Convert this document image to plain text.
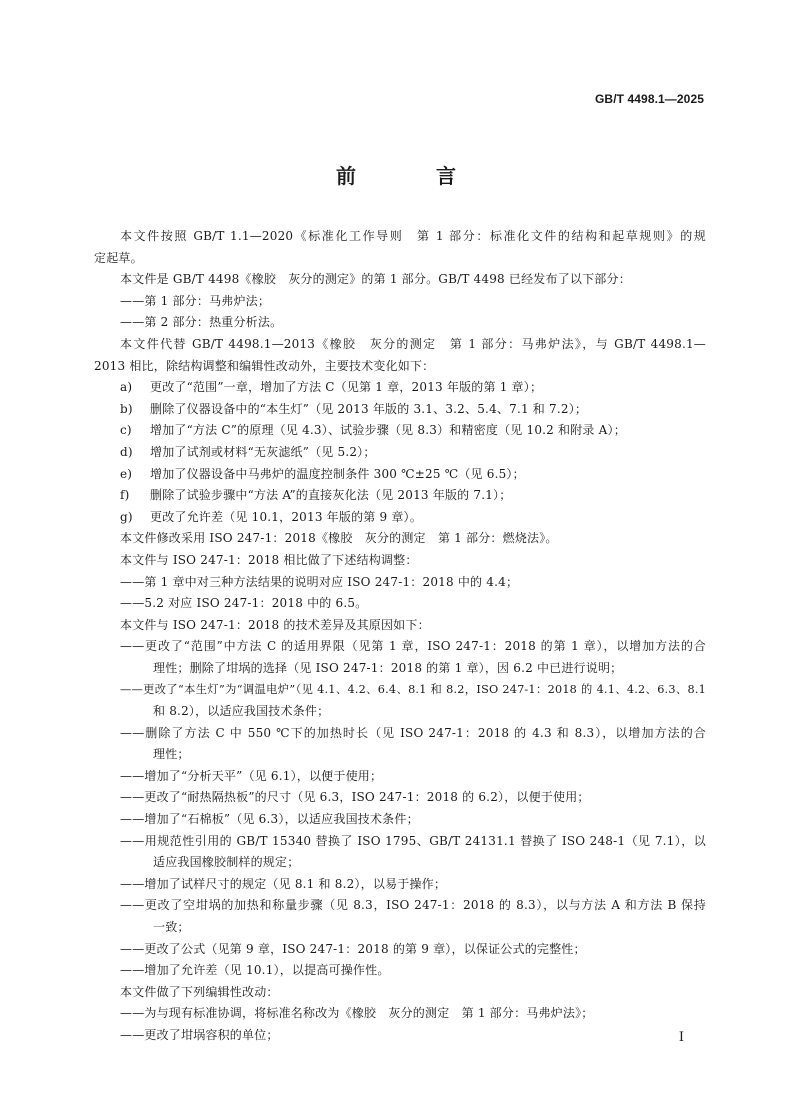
GB/T 4498.1—2025
前　言
本文件按照 GB/T 1.1—2020《标准化工作导则　第 1 部分：标准化文件的结构和起草规则》的规
定起草。
本文件是 GB/T 4498《橡胶　灰分的测定》的第 1 部分。GB/T 4498 已经发布了以下部分：
——第 1 部分：马弗炉法；
——第 2 部分：热重分析法。
本文件代替 GB/T 4498.1—2013《橡胶　灰分的测定　第 1 部分：马弗炉法》，与 GB/T 4498.1—
2013 相比，除结构调整和编辑性改动外，主要技术变化如下：
a)	更改了“范围”一章，增加了方法 C（见第 1 章，2013 年版的第 1 章）；
b)	删除了仪器设备中的“本生灯”（见 2013 年版的 3.1、3.2、5.4、7.1 和 7.2）；
c)	增加了“方法 C”的原理（见 4.3）、试验步骤（见 8.3）和精密度（见 10.2 和附录 A）；
d)	增加了试剂或材料“无灰滤纸”（见 5.2）；
e)	增加了仪器设备中马弗炉的温度控制条件 300 ℃±25 ℃（见 6.5）；
f)	删除了试验步骤中“方法 A”的直接灰化法（见 2013 年版的 7.1）；
g)	更改了允许差（见 10.1，2013 年版的第 9 章）。
本文件修改采用 ISO 247-1：2018《橡胶　灰分的测定　第 1 部分：燃烧法》。
本文件与 ISO 247-1：2018 相比做了下述结构调整：
——第 1 章中对三种方法结果的说明对应 ISO 247-1：2018 中的 4.4；
——5.2 对应 ISO 247-1：2018 中的 6.5。
本文件与 ISO 247-1：2018 的技术差异及其原因如下：
——更改了“范围”中方法 C 的适用界限（见第 1 章，ISO 247-1：2018 的第 1 章），以增加方法的合
理性；删除了坩埚的选择（见 ISO 247-1：2018 的第 1 章），因 6.2 中已进行说明；
——更改了“本生灯”为“调温电炉”（见 4.1、4.2、6.4、8.1 和 8.2，ISO 247-1：2018 的 4.1、4.2、6.3、8.1
和 8.2），以适应我国技术条件；
——删除了方法 C 中 550 ℃下的加热时长（见 ISO 247-1：2018 的 4.3 和 8.3），以增加方法的合
理性；
——增加了“分析天平”（见 6.1），以便于使用；
——更改了“耐热隔热板”的尺寸（见 6.3，ISO 247-1：2018 的 6.2），以便于使用；
——增加了“石棉板”（见 6.3），以适应我国技术条件；
——用规范性引用的 GB/T 15340 替换了 ISO 1795、GB/T 24131.1 替换了 ISO 248-1（见 7.1），以
适应我国橡胶制样的规定；
——增加了试样尺寸的规定（见 8.1 和 8.2），以易于操作；
——更改了空坩埚的加热和称量步骤（见 8.3，ISO 247-1：2018 的 8.3），以与方法 A 和方法 B 保持
一致；
——更改了公式（见第 9 章，ISO 247-1：2018 的第 9 章），以保证公式的完整性；
——增加了允许差（见 10.1），以提高可操作性。
本文件做了下列编辑性改动：
——为与现有标准协调，将标准名称改为《橡胶　灰分的测定　第 1 部分：马弗炉法》；
——更改了坩埚容积的单位；	I
